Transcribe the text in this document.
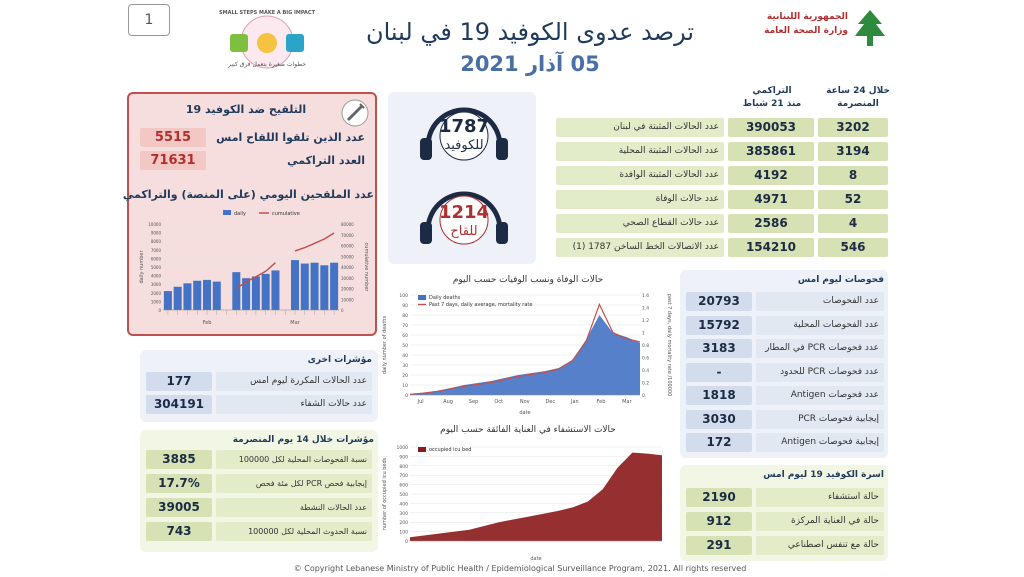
1	SMALL STEPS MAKE A BIG IMPACT
خطوات صغيرة بتعمل فرق كبير
ترصد عدوى الكوفيد 19 في لبنان
05 آذار 2021
الجمهورية اللبنانية
وزارة الصحة العامة
خلال 24 ساعة
المنصرمة
التراكمي
منذ 21 شباط
عدد الحالات المثبتة في لبنان	390053	3202
عدد الحالات المثبتة المحلية	385861	3194
عدد الحالات المثبتة الوافدة	4192	8
عدد حالات الوفاة	4971	52
عدد حالات القطاع الصحي	2586	4
عدد الاتصالات الخط الساخن 1787 (1)	154210	546
1787
للكوفيد
1214
للقاح
التلقيح ضد الكوفيد 19
عدد الذين تلقوا اللقاح امس
5515
العدد التراكمي
71631
عدد الملقحين اليومي (على المنصة) والتراكمي
0
1000
2000
3000
4000
5000
6000
7000
8000
9000
10000
0
10000
20000
30000
40000
50000
60000
70000
80000
daily number	cumulative number
daily	cumulative
Feb	Mar
حالات الوفاة ونسب الوفيات حسب اليوم
0
10
20
30
40
50
60
70
80
90
100
0
0.2
0.4
0.6
0.8
1
1.2
1.4
1.6
daily number of deaths	past 7 days, daily mortality rate /100000
date
Jul	Aug	Sep	Oct	Nov	Dec	Jan	Feb	Mar
Daily deaths
Past 7 days, daily average, mortality rate
حالات الاستشفاء في العناية الفائقة حسب اليوم
0
100
200
300
400
500
600
700
800
900
1000
number of occupied icu beds
date
occupied icu bed
مؤشرات اخرى
عدد الحالات المكررة ليوم امس
177
عدد حالات الشفاء
304191
مؤشرات خلال 14 يوم المنصرمة
نسبة الفحوصات المحلية لكل 100000
3885
إيجابية فحص PCR لكل مئة فحص
17.7%
عدد الحالات النشطة
39005
نسبة الحدوث المحلية لكل 100000
743
فحوصات ليوم امس
عدد الفحوصات
20793
عدد الفحوصات المحلية
15792
عدد فحوصات PCR في المطار
3183
عدد فحوصات PCR للحدود
-
عدد فحوصات Antigen
1818
إيجابية فحوصات PCR
3030
إيجابية فحوصات Antigen
172
اسرة الكوفيد 19 ليوم امس
حالة استشفاء
2190
حالة في العناية المركزة
912
حالة مع تنفس اصطناعي
291
© Copyright Lebanese Ministry of Public Health / Epidemiological Surveillance Program, 2021. All rights reserved
